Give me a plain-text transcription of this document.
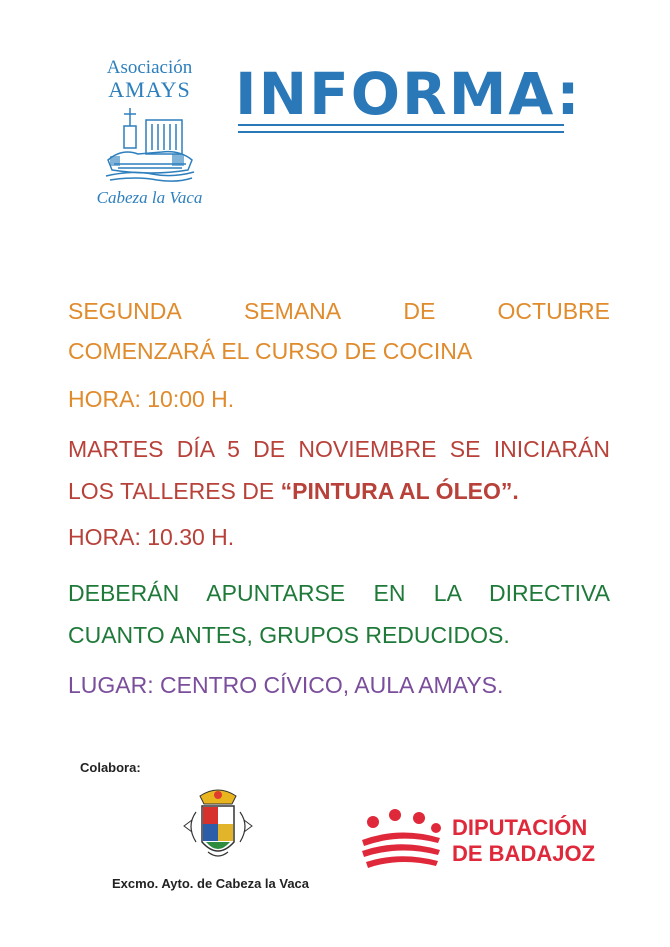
Asociación
AMAYS
Cabeza la Vaca
INFORMA:
SEGUNDA	SEMANA	DE	OCTUBRE

COMENZARÁ EL CURSO DE COCINA

HORA: 10:00 H.

MARTES DÍA 5 DE NOVIEMBRE SE INICIARÁN LOS TALLERES DE “PINTURA AL ÓLEO”.

HORA: 10.30 H.

DEBERÁN APUNTARSE EN LA DIRECTIVA CUANTO ANTES, GRUPOS REDUCIDOS.

LUGAR: CENTRO CÍVICO, AULA AMAYS.

Colabora:
Excmo. Ayto. de Cabeza la Vaca
DIPUTACIÓN
DE BADAJOZ
